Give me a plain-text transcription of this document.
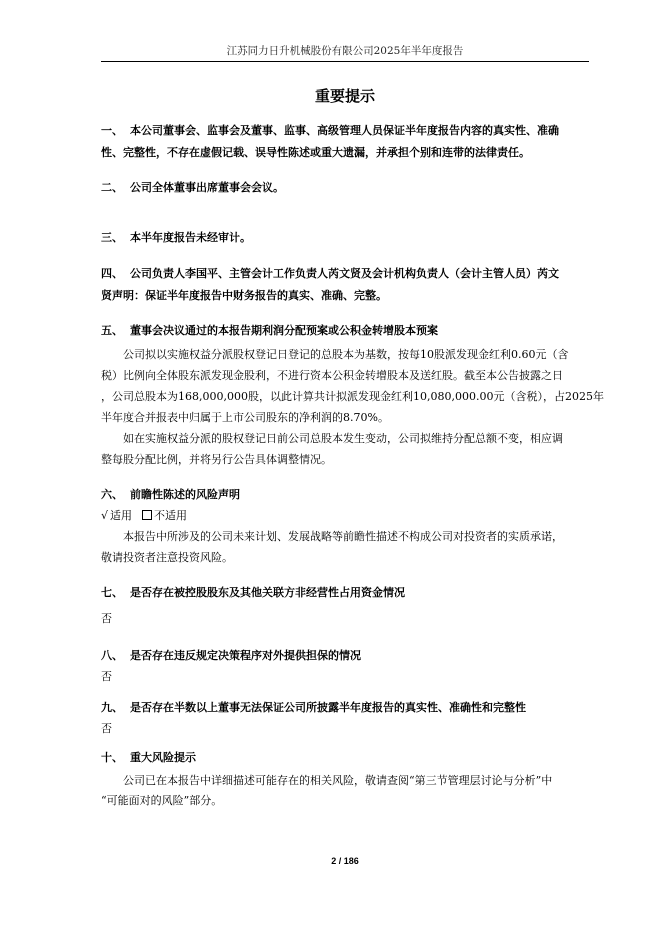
江苏同力日升机械股份有限公司2025年半年度报告
重要提示
一、 本公司董事会、监事会及董事、监事、高级管理人员保证半年度报告内容的真实性、准确
性、完整性，不存在虚假记载、误导性陈述或重大遗漏，并承担个别和连带的法律责任。
二、 公司全体董事出席董事会会议。
三、 本半年度报告未经审计。
四、 公司负责人李国平、主管会计工作负责人芮文贤及会计机构负责人（会计主管人员）芮文
贤声明：保证半年度报告中财务报告的真实、准确、完整。
五、 董事会决议通过的本报告期利润分配预案或公积金转增股本预案
公司拟以实施权益分派股权登记日登记的总股本为基数，按每10股派发现金红利0.60元（含
税）比例向全体股东派发现金股利，不进行资本公积金转增股本及送红股。截至本公告披露之日
，公司总股本为168,000,000股，以此计算共计拟派发现金红利10,080,000.00元（含税），占2025年
半年度合并报表中归属于上市公司股东的净利润的8.70%。
如在实施权益分派的股权登记日前公司总股本发生变动，公司拟维持分配总额不变，相应调
整每股分配比例，并将另行公告具体调整情况。
六、 前瞻性陈述的风险声明
√ 适用 不适用
本报告中所涉及的公司未来计划、发展战略等前瞻性描述不构成公司对投资者的实质承诺，
敬请投资者注意投资风险。
七、 是否存在被控股股东及其他关联方非经营性占用资金情况
否
八、 是否存在违反规定决策程序对外提供担保的情况
否
九、 是否存在半数以上董事无法保证公司所披露半年度报告的真实性、准确性和完整性
否
十、 重大风险提示
公司已在本报告中详细描述可能存在的相关风险，敬请查阅“第三节管理层讨论与分析”中
“可能面对的风险”部分。
2 / 186
